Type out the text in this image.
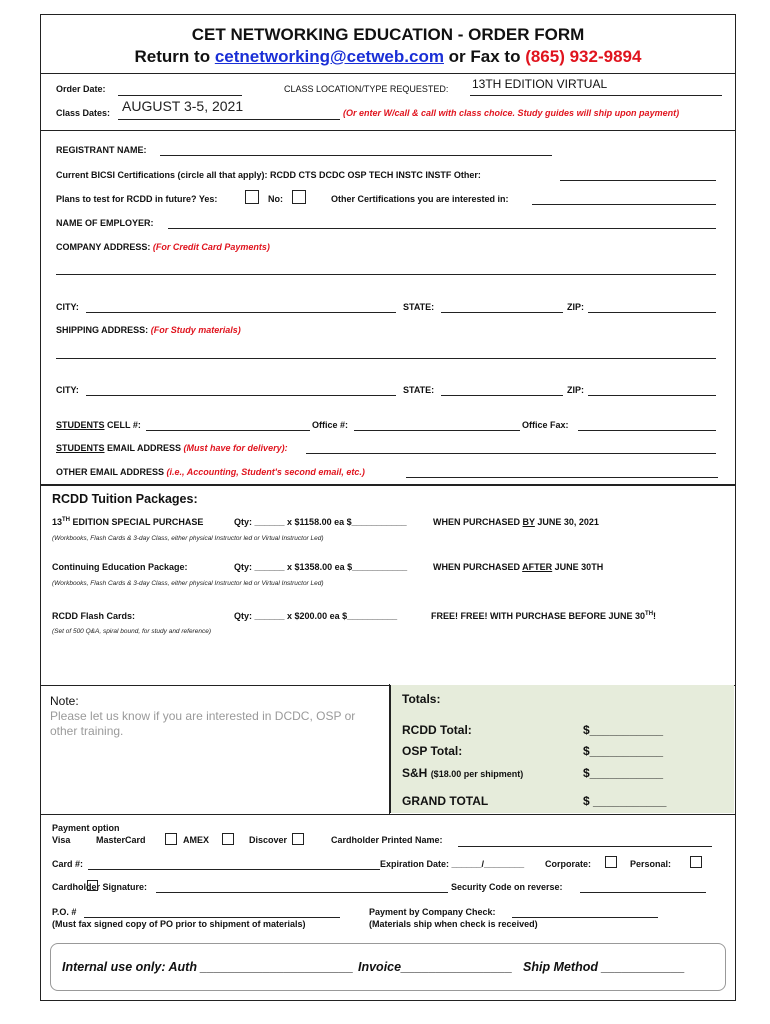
CET NETWORKING EDUCATION - ORDER FORM
Return to cetnetworking@cetweb.com or Fax to (865) 932-9894
Order Date:	CLASS LOCATION/TYPE REQUESTED: 13TH EDITION VIRTUAL
Class Dates: AUGUST 3-5, 2021	(Or enter W/call & call with class choice. Study guides will ship upon payment)
REGISTRANT NAME:
Current BICSI Certifications (circle all that apply): RCDD CTS DCDC OSP TECH INSTC INSTF Other:
Plans to test for RCDD in future? Yes:	No:	Other Certifications you are interested in:
NAME OF EMPLOYER:
COMPANY ADDRESS: (For Credit Card Payments)
CITY:	STATE:	ZIP:
SHIPPING ADDRESS: (For Study materials)
CITY:	STATE:	ZIP:
STUDENTS CELL #:	Office #:	Office Fax:
STUDENTS EMAIL ADDRESS (Must have for delivery):
OTHER EMAIL ADDRESS (i.e., Accounting, Student's second email, etc.)
RCDD Tuition Packages:
13TH EDITION SPECIAL PURCHASE	Qty: ______ x $1158.00 ea $___________	WHEN PURCHASED BY JUNE 30, 2021
(Workbooks, Flash Cards & 3-day Class, either physical Instructor led or Virtual Instructor Led)
Continuing Education Package:	Qty: ______ x $1358.00 ea $___________	WHEN PURCHASED AFTER JUNE 30TH
(Workbooks, Flash Cards & 3-day Class, either physical Instructor led or Virtual Instructor Led)
RCDD Flash Cards:	Qty: ______ x $200.00 ea $__________	FREE! FREE! WITH PURCHASE BEFORE JUNE 30TH!
(Set of 500 Q&A, spiral bound, for study and reference)
Note:
Please let us know if you are interested in DCDC, OSP or other training.
Totals:
RCDD Total:	$___________
OSP Total:	$___________
S&H ($18.00 per shipment)	$___________
GRAND TOTAL	$ ___________
Payment option
Visa	MasterCard	AMEX	Discover	Cardholder Printed Name:
Card #:	Expiration Date: ______/________ Corporate:	Personal:
Cardholder Signature:	Security Code on reverse:
P.O. #
(Must fax signed copy of PO prior to shipment of materials)
Payment by Company Check:
(Materials ship when check is received)
Internal use only: Auth ______________________ Invoice________________ Ship Method ____________
